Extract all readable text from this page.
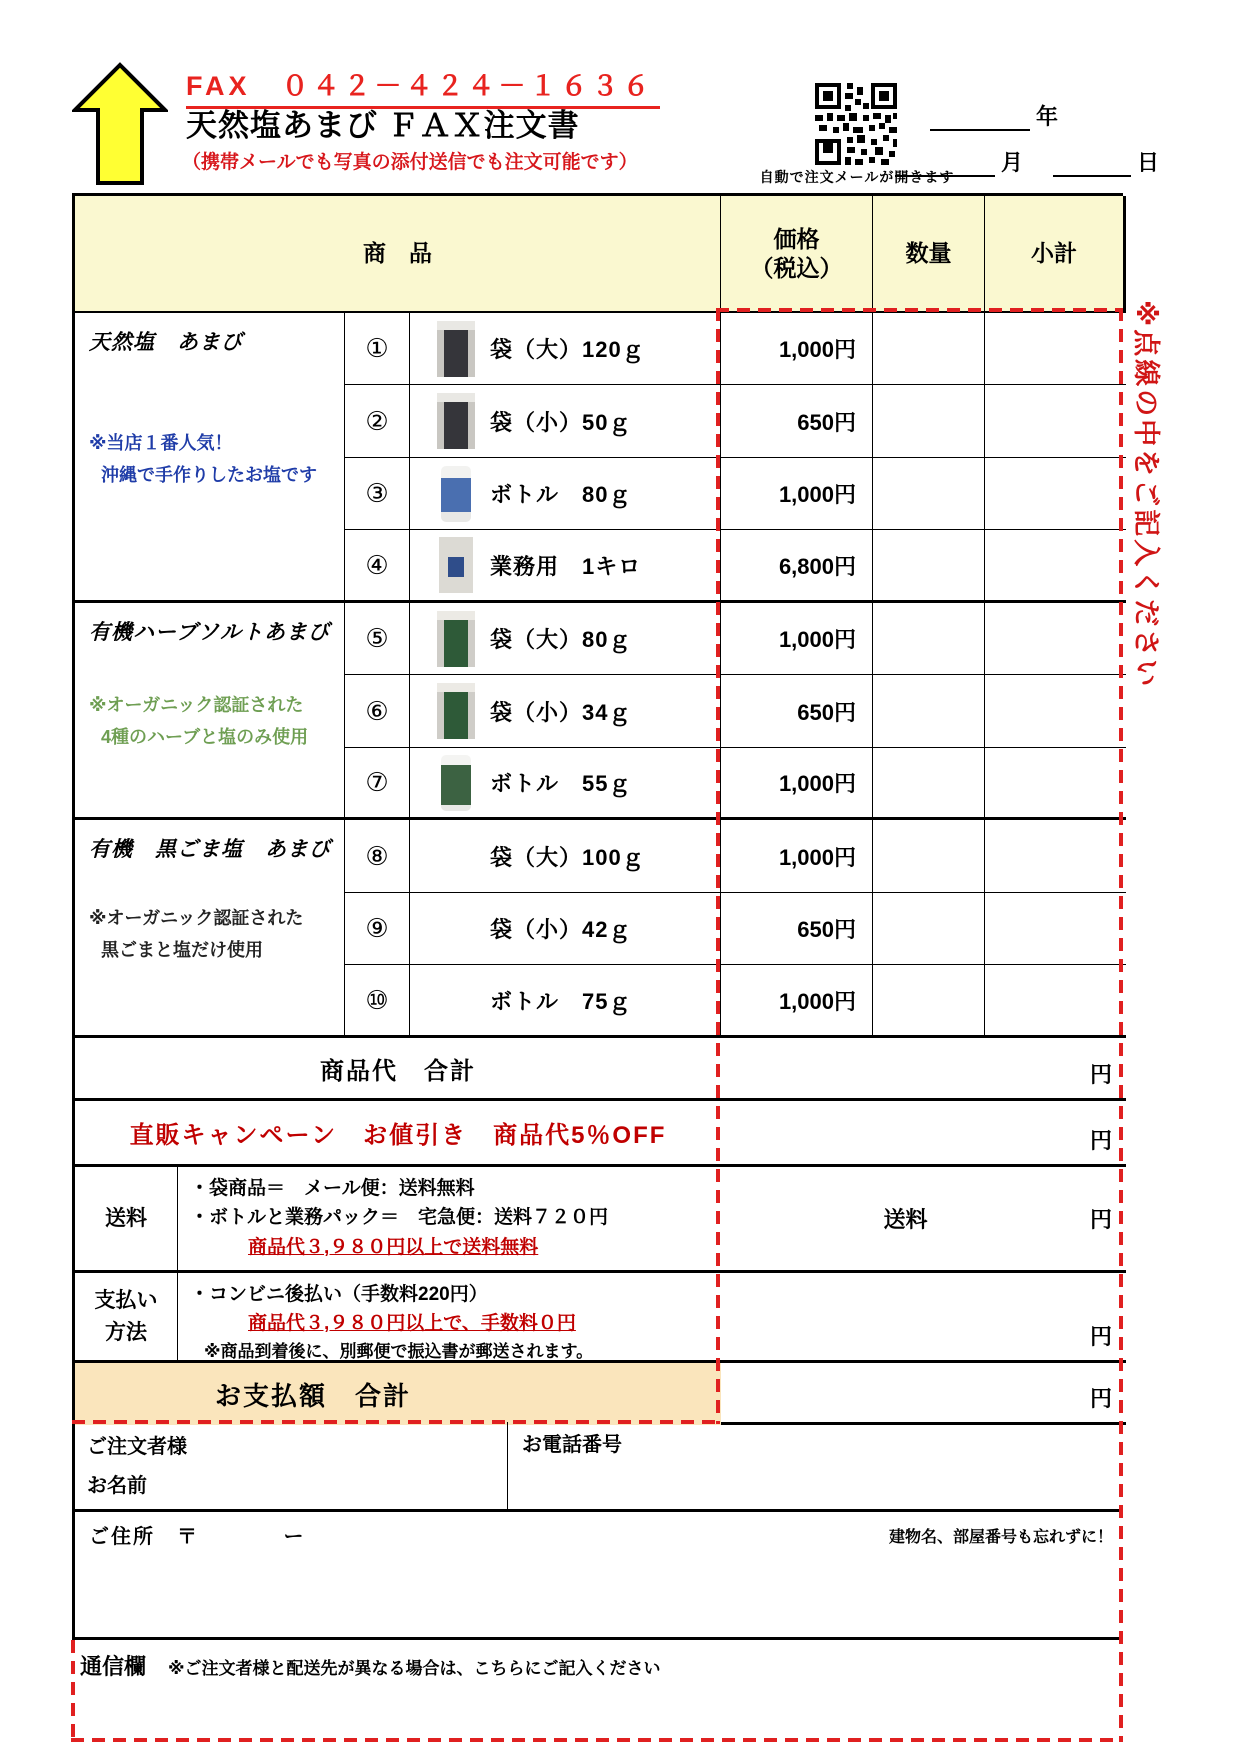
FAX　０４２－４２４－１６３６
天然塩あまび ＦＡＸ注文書
（携帯メールでも写真の添付送信でも注文可能です）
自動で注文メールが開きます
年
月	日
商　品
価格
（税込）
数量	小計
商品代　合計	円
直販キャンペーン　お値引き　商品代5％OFF	円
送料
・袋商品＝　メール便：送料無料
・ボトルと業務パック＝　宅急便：送料７２０円
商品代３,９８０円以上で送料無料
送料	円
支払い
方法
・コンビニ後払い（手数料220円）
商品代３,９８０円以上で、手数料０円
※商品到着後に、別郵便で振込書が郵送されます。
円
お支払額　合計	円
天然塩　あまび
※当店１番人気！
沖縄で手作りしたお塩です
①	袋（大）120ｇ	1,000円
②	袋（小）50ｇ	650円
③	ボトル　80ｇ	1,000円
④	業務用　1キロ	6,800円
有機ハーブソルトあまび
※オーガニック認証された
4種のハーブと塩のみ使用
⑤	袋（大）80ｇ	1,000円
⑥	袋（小）34ｇ	650円
⑦	ボトル　55ｇ	1,000円
有機　黒ごま塩　あまび
※オーガニック認証された
黒ごまと塩だけ使用
⑧	袋（大）100ｇ	1,000円
⑨	袋（小）42ｇ	650円
⑩	ボトル　75ｇ	1,000円
ご注文者様
お名前
お電話番号
ご住所　〒	ー	建物名、部屋番号も忘れずに！
通信欄 ※ご注文者様と配送先が異なる場合は、こちらにご記入ください
※点線の中をご記入ください
